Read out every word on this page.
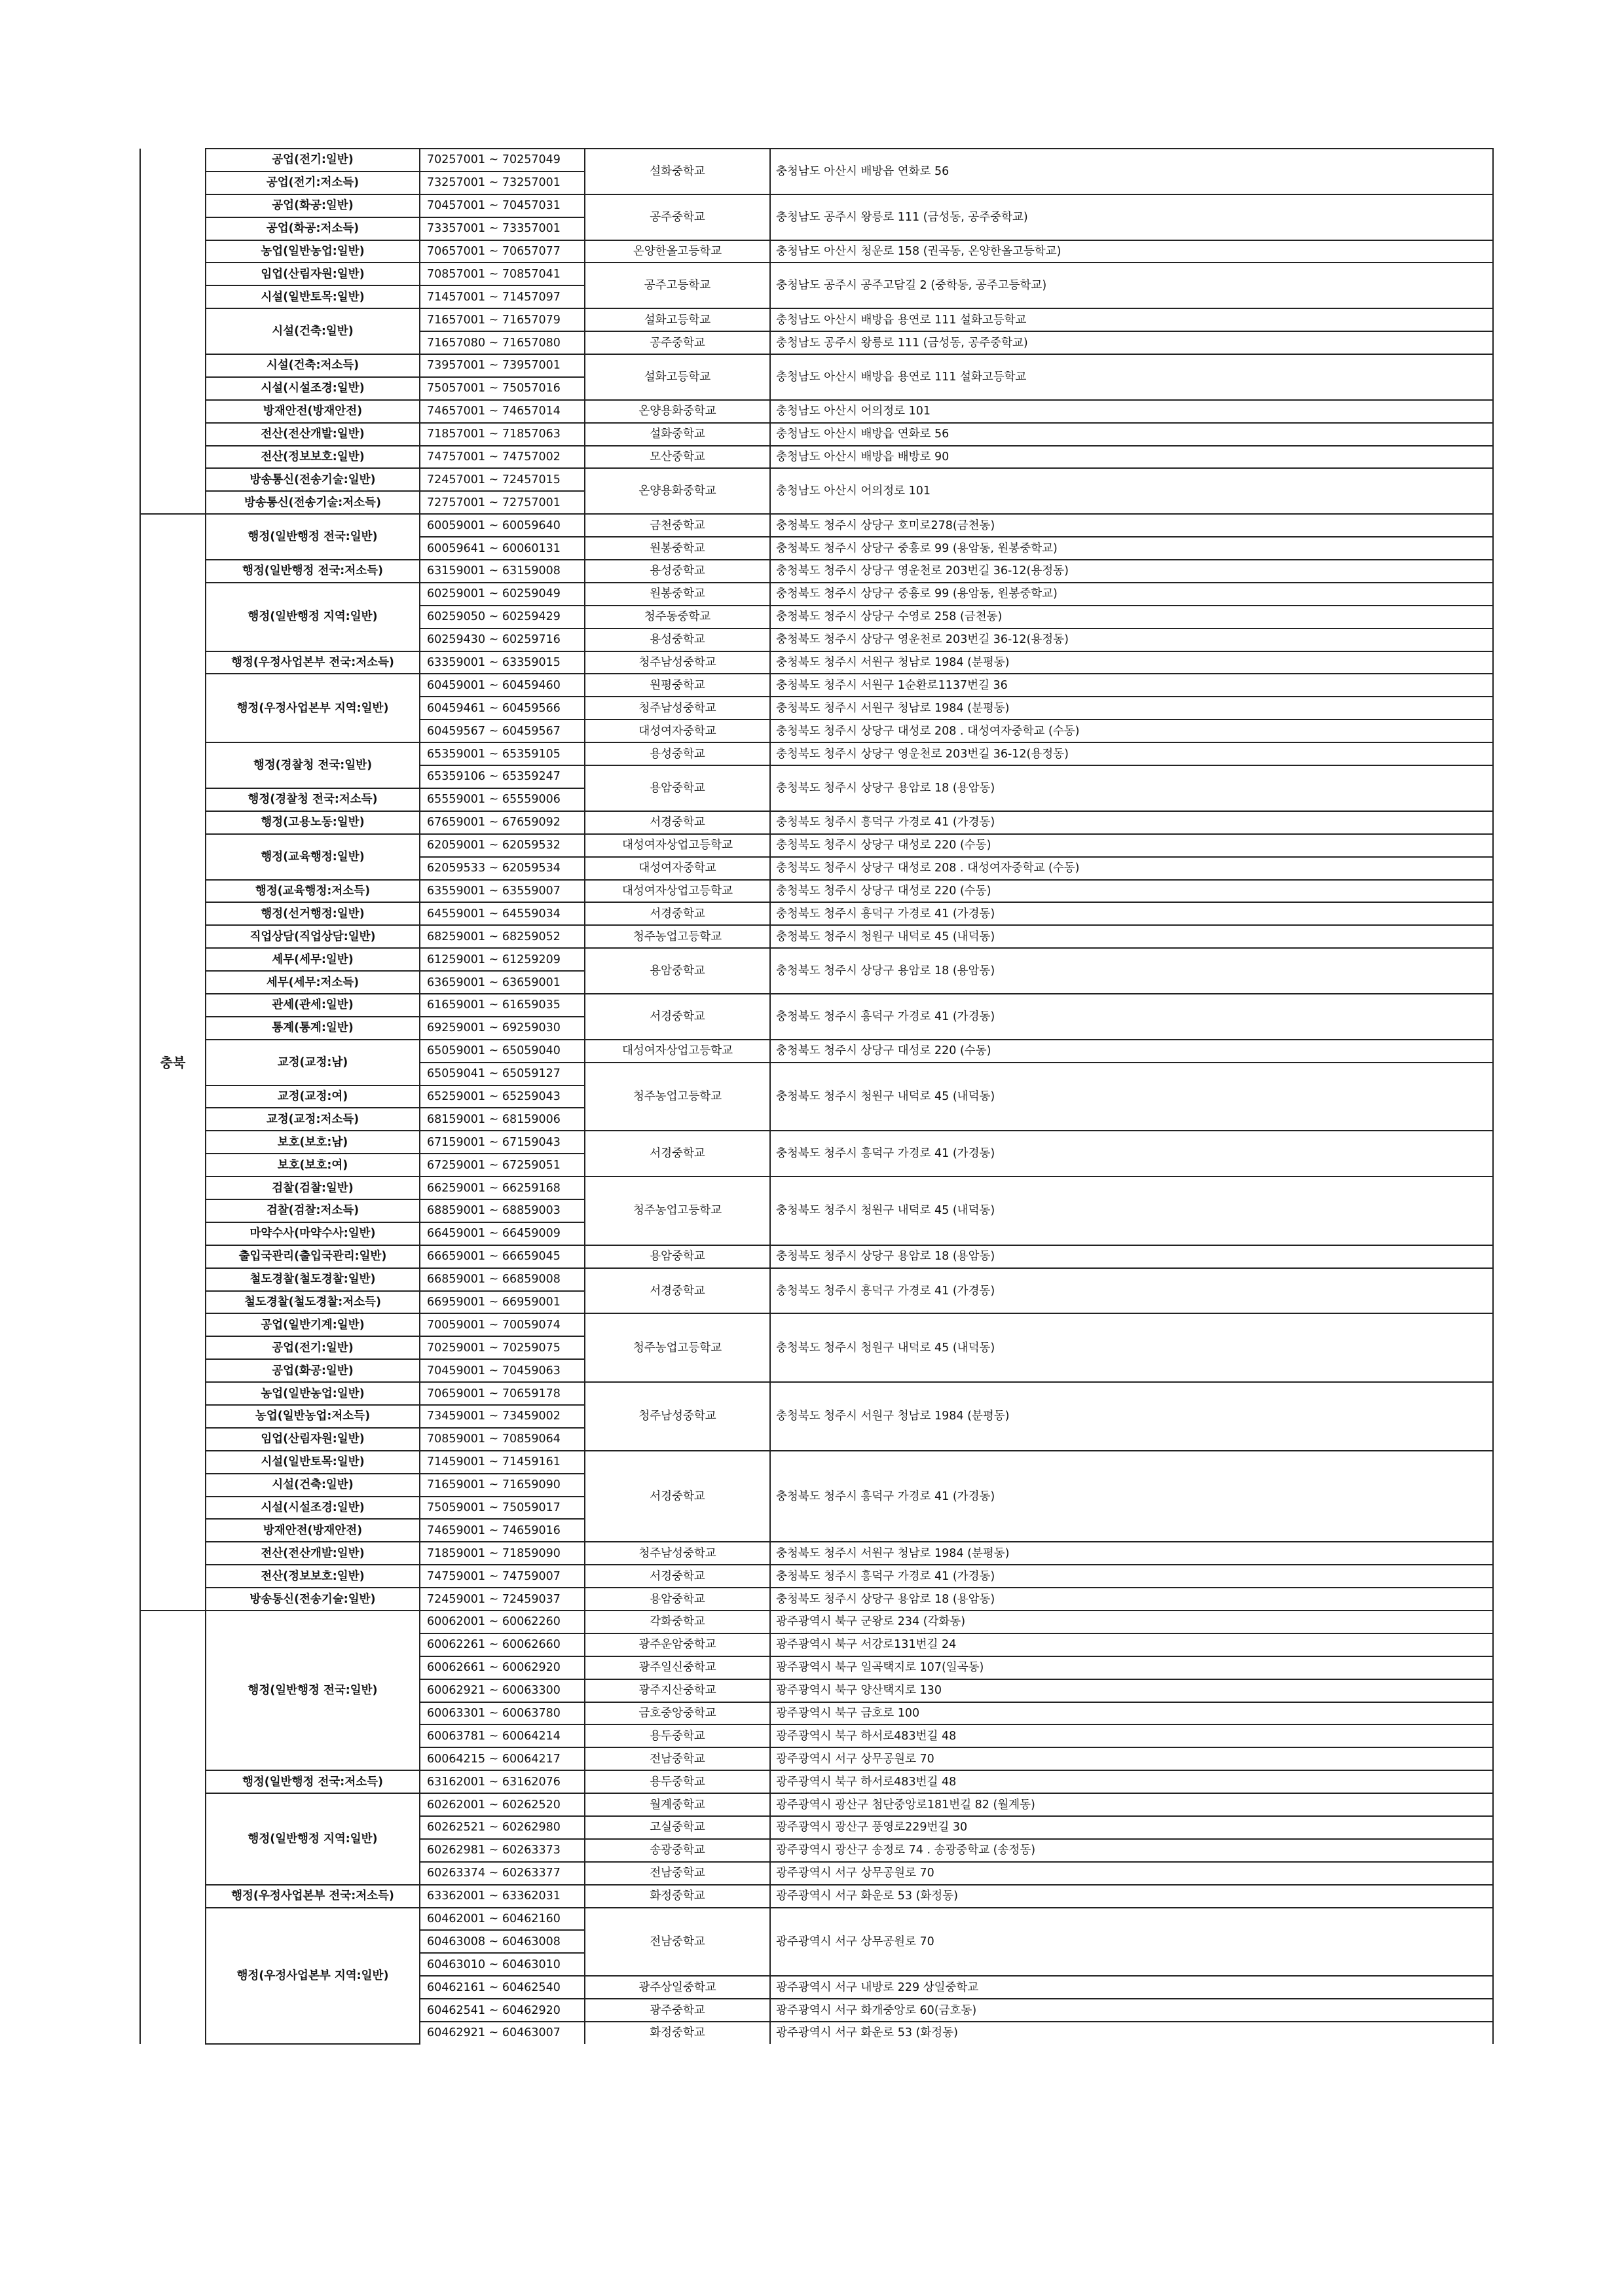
	공업(전기:일반)	70257001 ~ 70257049	설화중학교	충청남도 아산시 배방읍 연화로 56
	공업(전기:저소득)	73257001 ~ 73257001		
	공업(화공:일반)	70457001 ~ 70457031	공주중학교	충청남도 공주시 왕릉로 111 (금성동, 공주중학교)
	공업(화공:저소득)	73357001 ~ 73357001		
	농업(일반농업:일반)	70657001 ~ 70657077	온양한올고등학교	충청남도 아산시 청운로 158 (권곡동, 온양한올고등학교)
	임업(산림자원:일반)	70857001 ~ 70857041	공주고등학교	충청남도 공주시 공주고담길 2 (중학동, 공주고등학교)
	시설(일반토목:일반)	71457001 ~ 71457097		
	시설(건축:일반)	71657001 ~ 71657079	설화고등학교	충청남도 아산시 배방읍 용연로 111 설화고등학교
		71657080 ~ 71657080	공주중학교	충청남도 공주시 왕릉로 111 (금성동, 공주중학교)
	시설(건축:저소득)	73957001 ~ 73957001	설화고등학교	충청남도 아산시 배방읍 용연로 111 설화고등학교
	시설(시설조경:일반)	75057001 ~ 75057016		
	방재안전(방재안전)	74657001 ~ 74657014	온양용화중학교	충청남도 아산시 어의정로 101
	전산(전산개발:일반)	71857001 ~ 71857063	설화중학교	충청남도 아산시 배방읍 연화로 56
	전산(정보보호:일반)	74757001 ~ 74757002	모산중학교	충청남도 아산시 배방읍 배방로 90
	방송통신(전송기술:일반)	72457001 ~ 72457015	온양용화중학교	충청남도 아산시 어의정로 101
	방송통신(전송기술:저소득)	72757001 ~ 72757001		
충북	행정(일반행정 전국:일반)	60059001 ~ 60059640	금천중학교	충청북도 청주시 상당구 호미로278(금천동)
		60059641 ~ 60060131	원봉중학교	충청북도 청주시 상당구 중흥로 99 (용암동, 원봉중학교)
	행정(일반행정 전국:저소득)	63159001 ~ 63159008	용성중학교	충청북도 청주시 상당구 영운천로 203번길 36-12(용정동)
	행정(일반행정 지역:일반)	60259001 ~ 60259049	원봉중학교	충청북도 청주시 상당구 중흥로 99 (용암동, 원봉중학교)
		60259050 ~ 60259429	청주동중학교	충청북도 청주시 상당구 수영로 258 (금천동)
		60259430 ~ 60259716	용성중학교	충청북도 청주시 상당구 영운천로 203번길 36-12(용정동)
	행정(우정사업본부 전국:저소득)	63359001 ~ 63359015	청주남성중학교	충청북도 청주시 서원구 청남로 1984 (분평동)
	행정(우정사업본부 지역:일반)	60459001 ~ 60459460	원평중학교	충청북도 청주시 서원구 1순환로1137번길 36
		60459461 ~ 60459566	청주남성중학교	충청북도 청주시 서원구 청남로 1984 (분평동)
		60459567 ~ 60459567	대성여자중학교	충청북도 청주시 상당구 대성로 208 . 대성여자중학교 (수동)
	행정(경찰청 전국:일반)	65359001 ~ 65359105	용성중학교	충청북도 청주시 상당구 영운천로 203번길 36-12(용정동)
		65359106 ~ 65359247	용암중학교	충청북도 청주시 상당구 용암로 18 (용암동)
	행정(경찰청 전국:저소득)	65559001 ~ 65559006		
	행정(고용노동:일반)	67659001 ~ 67659092	서경중학교	충청북도 청주시 흥덕구 가경로 41 (가경동)
	행정(교육행정:일반)	62059001 ~ 62059532	대성여자상업고등학교	충청북도 청주시 상당구 대성로 220 (수동)
		62059533 ~ 62059534	대성여자중학교	충청북도 청주시 상당구 대성로 208 . 대성여자중학교 (수동)
	행정(교육행정:저소득)	63559001 ~ 63559007	대성여자상업고등학교	충청북도 청주시 상당구 대성로 220 (수동)
	행정(선거행정:일반)	64559001 ~ 64559034	서경중학교	충청북도 청주시 흥덕구 가경로 41 (가경동)
	직업상담(직업상담:일반)	68259001 ~ 68259052	청주농업고등학교	충청북도 청주시 청원구 내덕로 45 (내덕동)
	세무(세무:일반)	61259001 ~ 61259209	용암중학교	충청북도 청주시 상당구 용암로 18 (용암동)
	세무(세무:저소득)	63659001 ~ 63659001		
	관세(관세:일반)	61659001 ~ 61659035	서경중학교	충청북도 청주시 흥덕구 가경로 41 (가경동)
	통계(통계:일반)	69259001 ~ 69259030		
	교정(교정:남)	65059001 ~ 65059040	대성여자상업고등학교	충청북도 청주시 상당구 대성로 220 (수동)
		65059041 ~ 65059127	청주농업고등학교	충청북도 청주시 청원구 내덕로 45 (내덕동)
	교정(교정:여)	65259001 ~ 65259043		
	교정(교정:저소득)	68159001 ~ 68159006		
	보호(보호:남)	67159001 ~ 67159043	서경중학교	충청북도 청주시 흥덕구 가경로 41 (가경동)
	보호(보호:여)	67259001 ~ 67259051		
	검찰(검찰:일반)	66259001 ~ 66259168	청주농업고등학교	충청북도 청주시 청원구 내덕로 45 (내덕동)
	검찰(검찰:저소득)	68859001 ~ 68859003		
	마약수사(마약수사:일반)	66459001 ~ 66459009		
	출입국관리(출입국관리:일반)	66659001 ~ 66659045	용암중학교	충청북도 청주시 상당구 용암로 18 (용암동)
	철도경찰(철도경찰:일반)	66859001 ~ 66859008	서경중학교	충청북도 청주시 흥덕구 가경로 41 (가경동)
	철도경찰(철도경찰:저소득)	66959001 ~ 66959001		
	공업(일반기계:일반)	70059001 ~ 70059074	청주농업고등학교	충청북도 청주시 청원구 내덕로 45 (내덕동)
	공업(전기:일반)	70259001 ~ 70259075		
	공업(화공:일반)	70459001 ~ 70459063		
	농업(일반농업:일반)	70659001 ~ 70659178	청주남성중학교	충청북도 청주시 서원구 청남로 1984 (분평동)
	농업(일반농업:저소득)	73459001 ~ 73459002		
	임업(산림자원:일반)	70859001 ~ 70859064		
	시설(일반토목:일반)	71459001 ~ 71459161	서경중학교	충청북도 청주시 흥덕구 가경로 41 (가경동)
	시설(건축:일반)	71659001 ~ 71659090		
	시설(시설조경:일반)	75059001 ~ 75059017		
	방재안전(방재안전)	74659001 ~ 74659016		
	전산(전산개발:일반)	71859001 ~ 71859090	청주남성중학교	충청북도 청주시 서원구 청남로 1984 (분평동)
	전산(정보보호:일반)	74759001 ~ 74759007	서경중학교	충청북도 청주시 흥덕구 가경로 41 (가경동)
	방송통신(전송기술:일반)	72459001 ~ 72459037	용암중학교	충청북도 청주시 상당구 용암로 18 (용암동)
	행정(일반행정 전국:일반)	60062001 ~ 60062260	각화중학교	광주광역시 북구 군왕로 234 (각화동)
		60062261 ~ 60062660	광주운암중학교	광주광역시 북구 서강로131번길 24
		60062661 ~ 60062920	광주일신중학교	광주광역시 북구 일곡택지로 107(일곡동)
		60062921 ~ 60063300	광주지산중학교	광주광역시 북구 양산택지로 130
		60063301 ~ 60063780	금호중앙중학교	광주광역시 북구 금호로 100
		60063781 ~ 60064214	용두중학교	광주광역시 북구 하서로483번길 48
		60064215 ~ 60064217	전남중학교	광주광역시 서구 상무공원로 70
	행정(일반행정 전국:저소득)	63162001 ~ 63162076	용두중학교	광주광역시 북구 하서로483번길 48
	행정(일반행정 지역:일반)	60262001 ~ 60262520	월계중학교	광주광역시 광산구 첨단중앙로181번길 82 (월계동)
		60262521 ~ 60262980	고실중학교	광주광역시 광산구 풍영로229번길 30
		60262981 ~ 60263373	송광중학교	광주광역시 광산구 송정로 74 . 송광중학교 (송정동)
		60263374 ~ 60263377	전남중학교	광주광역시 서구 상무공원로 70
	행정(우정사업본부 전국:저소득)	63362001 ~ 63362031	화정중학교	광주광역시 서구 화운로 53 (화정동)
	행정(우정사업본부 지역:일반)	60462001 ~ 60462160	전남중학교	광주광역시 서구 상무공원로 70
		60463008 ~ 60463008		
		60463010 ~ 60463010		
		60462161 ~ 60462540	광주상일중학교	광주광역시 서구 내방로 229 상일중학교
		60462541 ~ 60462920	광주중학교	광주광역시 서구 화개중앙로 60(금호동)
		60462921 ~ 60463007	화정중학교	광주광역시 서구 화운로 53 (화정동)
